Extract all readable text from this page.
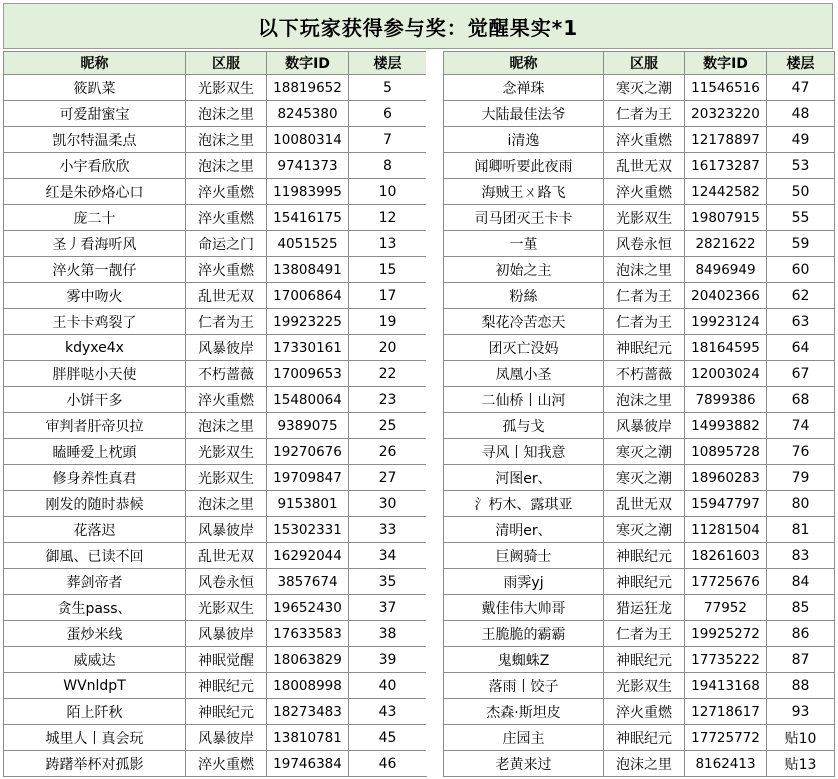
以下玩家获得参与奖：觉醒果实*1
昵称	区服	数字ID	楼层
筱趴菜	光影双生	18819652	5
可爱甜蜜宝	泡沫之里	8245380	6
凯尔特温柔点	泡沫之里	10080314	7
小宇看欣欣	泡沫之里	9741373	8
红是朱砂烙心口	淬火重燃	11983995	10
庞二十	淬火重燃	15416175	12
圣丿看海听风	命运之门	4051525	13
淬火第一靓仔	淬火重燃	13808491	15
雾中吻火	乱世无双	17006864	17
王卡卡鸡裂了	仁者为王	19923225	19
kdyxe4x	风暴彼岸	17330161	20
胖胖哒小天使	不朽蔷薇	17009653	22
小饼干多	淬火重燃	15480064	23
审判者肝帝贝拉	泡沫之里	9389075	25
瞌睡爱上枕頭	光影双生	19270676	26
修身养性真君	光影双生	19709847	27
刚发的随时恭候	泡沫之里	9153801	30
花落迟	风暴彼岸	15302331	33
御風、已读不回	乱世无双	16292044	34
葬剑帝者	风卷永恒	3857674	35
贪生pass、	光影双生	19652430	37
蛋炒米线	风暴彼岸	17633583	38
威威达	神眠觉醒	18063829	39
WVnldpT	神眠纪元	18008998	40
陌上阡秋	神眠纪元	18273483	43
城里人丨真会玩	风暴彼岸	13810781	45
踌躇举杯对孤影	淬火重燃	19746384	46
昵称	区服	数字ID	楼层
念禅珠	寒灭之潮	11546516	47
大陆最佳法爷	仁者为王	20323220	48
i清逸	淬火重燃	12178897	49
闻卿听要此夜雨	乱世无双	16173287	53
海贼王ㄨ路飞	淬火重燃	12442582	50
司马团灭王卡卡	光影双生	19807915	55
一堇	风卷永恒	2821622	59
初始之主	泡沫之里	8496949	60
粉絲	仁者为王	20402366	62
梨花冷苦恋天	仁者为王	19923124	63
团灭亡没妈	神眠纪元	18164595	64
凤凰小圣	不朽蔷薇	12003024	67
二仙桥丨山河	泡沫之里	7899386	68
孤与戈	风暴彼岸	14993882	74
寻风丨知我意	寒灭之潮	10895728	76
河图er、	寒灭之潮	18960283	79
氵朽木、露琪亚	乱世无双	15947797	80
清明er、	寒灭之潮	11281504	81
巨阙骑士	神眠纪元	18261603	83
雨霁yj	神眠纪元	17725676	84
戴佳伟大帅哥	猎运狂龙	77952	85
王脆脆的霸霸	仁者为王	19925272	86
鬼蜘蛛Z	神眠纪元	17735222	87
落雨丨饺子	光影双生	19413168	88
杰森·斯坦皮	淬火重燃	12718617	93
庄园主	神眠纪元	17725772	贴10
老黄来过	泡沫之里	8162413	贴13
